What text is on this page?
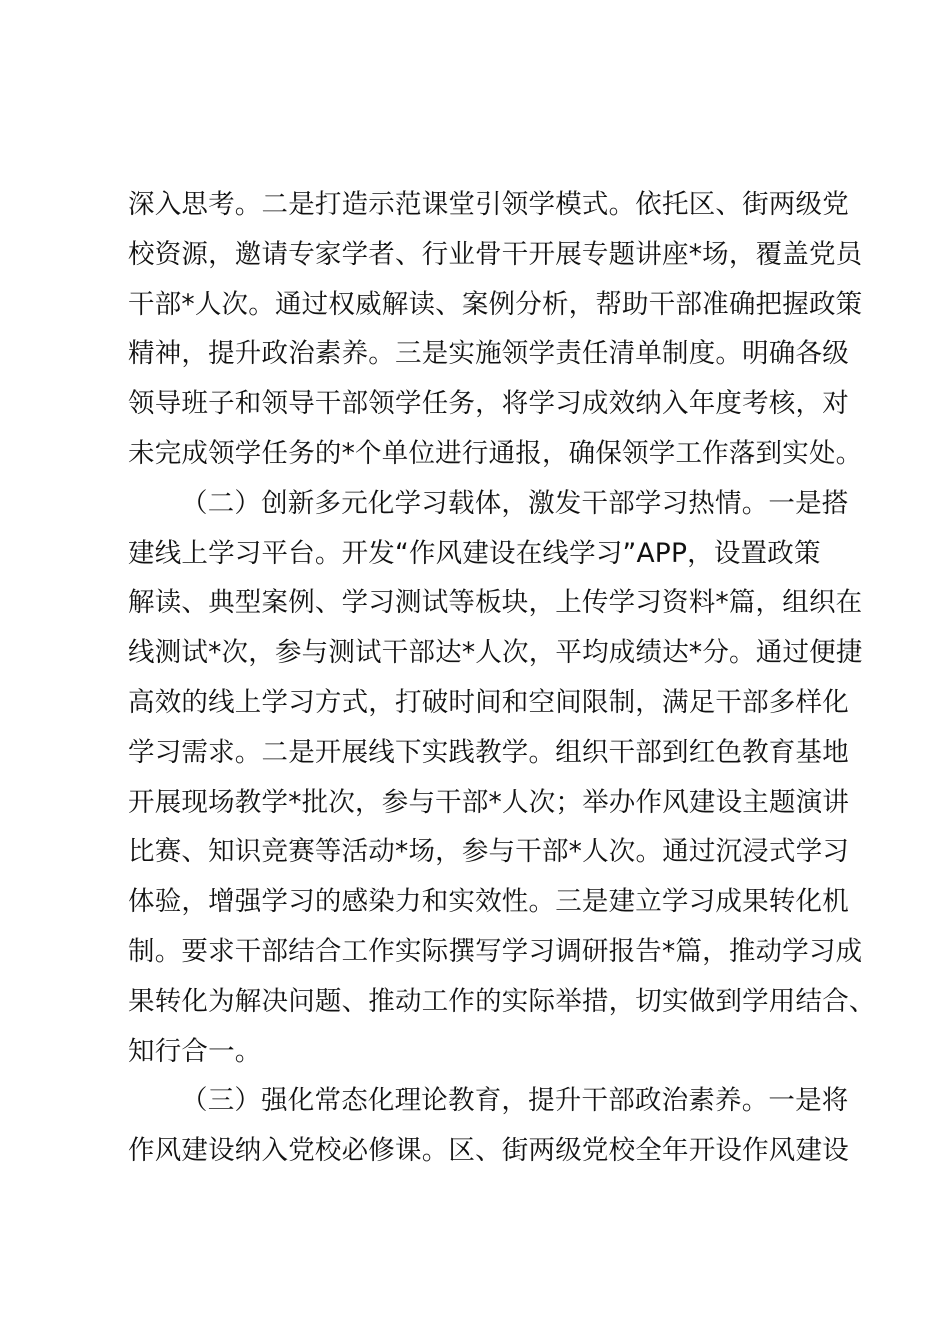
深入思考。二是打造示范课堂引领学模式。依托区、街两级党
校资源，邀请专家学者、行业骨干开展专题讲座*场，覆盖党员
干部*人次。通过权威解读、案例分析，帮助干部准确把握政策
精神，提升政治素养。三是实施领学责任清单制度。明确各级
领导班子和领导干部领学任务，将学习成效纳入年度考核，对
未完成领学任务的*个单位进行通报，确保领学工作落到实处。
（二）创新多元化学习载体，激发干部学习热情。一是搭
建线上学习平台。开发“作风建设在线学习”APP，设置政策
解读、典型案例、学习测试等板块，上传学习资料*篇，组织在
线测试*次，参与测试干部达*人次，平均成绩达*分。通过便捷
高效的线上学习方式，打破时间和空间限制，满足干部多样化
学习需求。二是开展线下实践教学。组织干部到红色教育基地
开展现场教学*批次，参与干部*人次；举办作风建设主题演讲
比赛、知识竞赛等活动*场，参与干部*人次。通过沉浸式学习
体验，增强学习的感染力和实效性。三是建立学习成果转化机
制。要求干部结合工作实际撰写学习调研报告*篇，推动学习成
果转化为解决问题、推动工作的实际举措，切实做到学用结合、
知行合一。
（三）强化常态化理论教育，提升干部政治素养。一是将
作风建设纳入党校必修课。区、街两级党校全年开设作风建设
